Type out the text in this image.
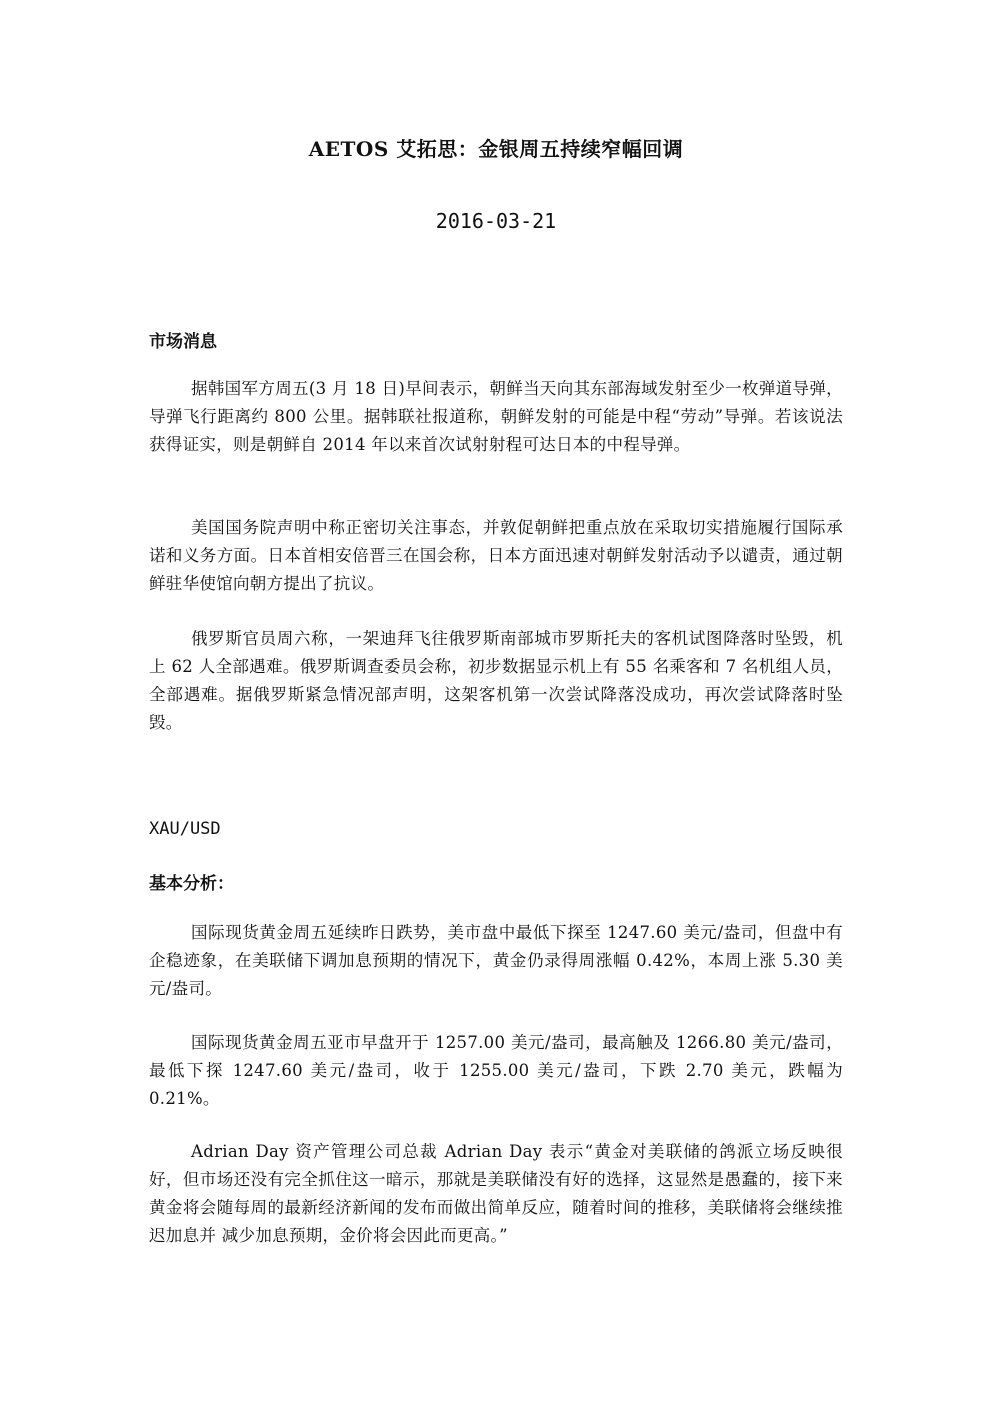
AETOS 艾拓思：金银周五持续窄幅回调
2016-03-21
市场消息

据韩国军方周五(3 月 18 日)早间表示，朝鲜当天向其东部海域发射至少一枚弹道导弹，导弹飞行距离约 800 公里。据韩联社报道称，朝鲜发射的可能是中程“劳动”导弹。若该说法获得证实，则是朝鲜自 2014 年以来首次试射射程可达日本的中程导弹。

美国国务院声明中称正密切关注事态，并敦促朝鲜把重点放在采取切实措施履行国际承诺和义务方面。日本首相安倍晋三在国会称，日本方面迅速对朝鲜发射活动予以谴责，通过朝鲜驻华使馆向朝方提出了抗议。

俄罗斯官员周六称，一架迪拜飞往俄罗斯南部城市罗斯托夫的客机试图降落时坠毁，机上 62 人全部遇难。俄罗斯调查委员会称，初步数据显示机上有 55 名乘客和 7 名机组人员，全部遇难。据俄罗斯紧急情况部声明，这架客机第一次尝试降落没成功，再次尝试降落时坠毁。

XAU/USD
基本分析：

国际现货黄金周五延续昨日跌势，美市盘中最低下探至 1247.60 美元/盎司，但盘中有企稳迹象，在美联储下调加息预期的情况下，黄金仍录得周涨幅 0.42%，本周上涨 5.30 美元/盎司。

国际现货黄金周五亚市早盘开于 1257.00 美元/盎司，最高触及 1266.80 美元/盎司，最低下探 1247.60 美元/盎司，收于 1255.00 美元/盎司，下跌 2.70 美元，跌幅为 0.21%。

Adrian Day 资产管理公司总裁 Adrian Day 表示“黄金对美联储的鸽派立场反映很好，但市场还没有完全抓住这一暗示，那就是美联储没有好的选择，这显然是愚蠢的，接下来黄金将会随每周的最新经济新闻的发布而做出简单反应，随着时间的推移，美联储将会继续推迟加息并 减少加息预期，金价将会因此而更高。”
